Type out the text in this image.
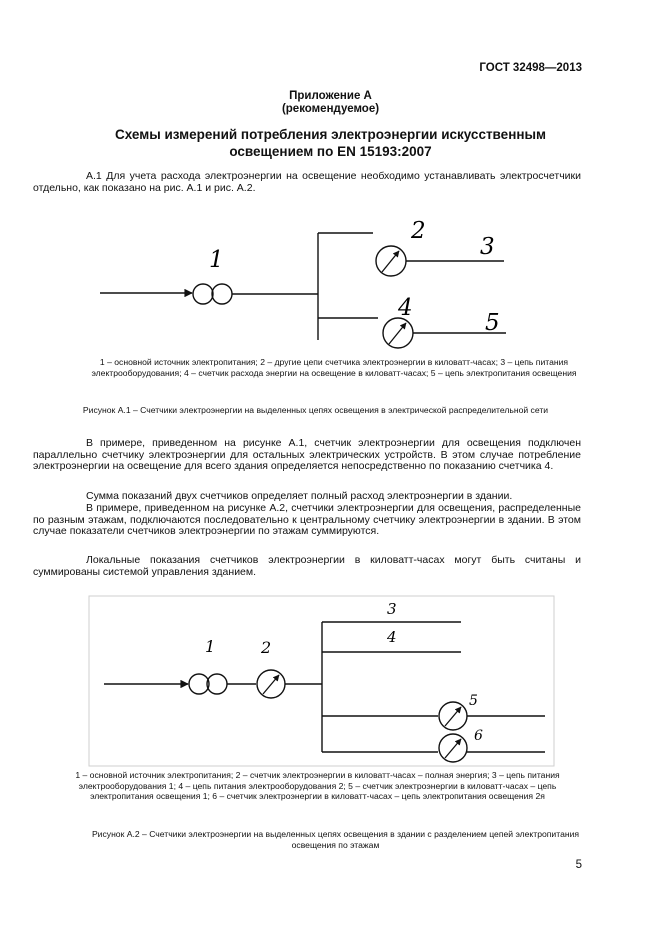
ГОСТ 32498—2013
Приложение А
(рекомендуемое)
Схемы измерений потребления электроэнергии искусственным
освещением по EN 15193:2007
А.1 Для учета расхода электроэнергии на освещение необходимо устанавливать электросчетчики отдельно, как показано на рис. А.1 и рис. А.2.
1
2
3
4
5
1 – основной источник электропитания; 2 – другие цепи счетчика электроэнергии в киловатт-часах; 3 – цепь питания электрооборудования; 4 – счетчик расхода энергии на освещение в киловатт-часах; 5 – цепь электропитания освещения
Рисунок А.1 – Счетчики электроэнергии на выделенных цепях освещения в электрической распределительной сети
В примере, приведенном на рисунке А.1, счетчик электроэнергии для освещения подключен параллельно счетчику электроэнергии для остальных электрических устройств. В этом случае потребление электроэнергии на освещение для всего здания определяется непосредственно по показанию счетчика 4.
Сумма показаний двух счетчиков определяет полный расход электроэнергии в здании.
В примере, приведенном на рисунке А.2, счетчики электроэнергии для освещения, распределенные по разным этажам, подключаются последовательно к центральному счетчику электроэнергии в здании. В этом случае показатели счетчиков электроэнергии по этажам суммируются.
Локальные показания счетчиков электроэнергии в киловатт-часах могут быть считаны и суммированы системой управления зданием.
1	2
3
4
5
6
1 – основной источник электропитания; 2 – счетчик электроэнергии в киловатт-часах – полная энергия; 3 – цепь питания электрооборудования 1; 4 – цепь питания электрооборудования 2; 5 – счетчик электроэнергии в киловатт-часах – цепь электропитания освещения 1; 6 – счетчик электроэнергии в киловатт-часах – цепь электропитания освещения 2я
Рисунок А.2 – Счетчики электроэнергии на выделенных цепях освещения в здании с разделением цепей электропитания освещения по этажам
5
